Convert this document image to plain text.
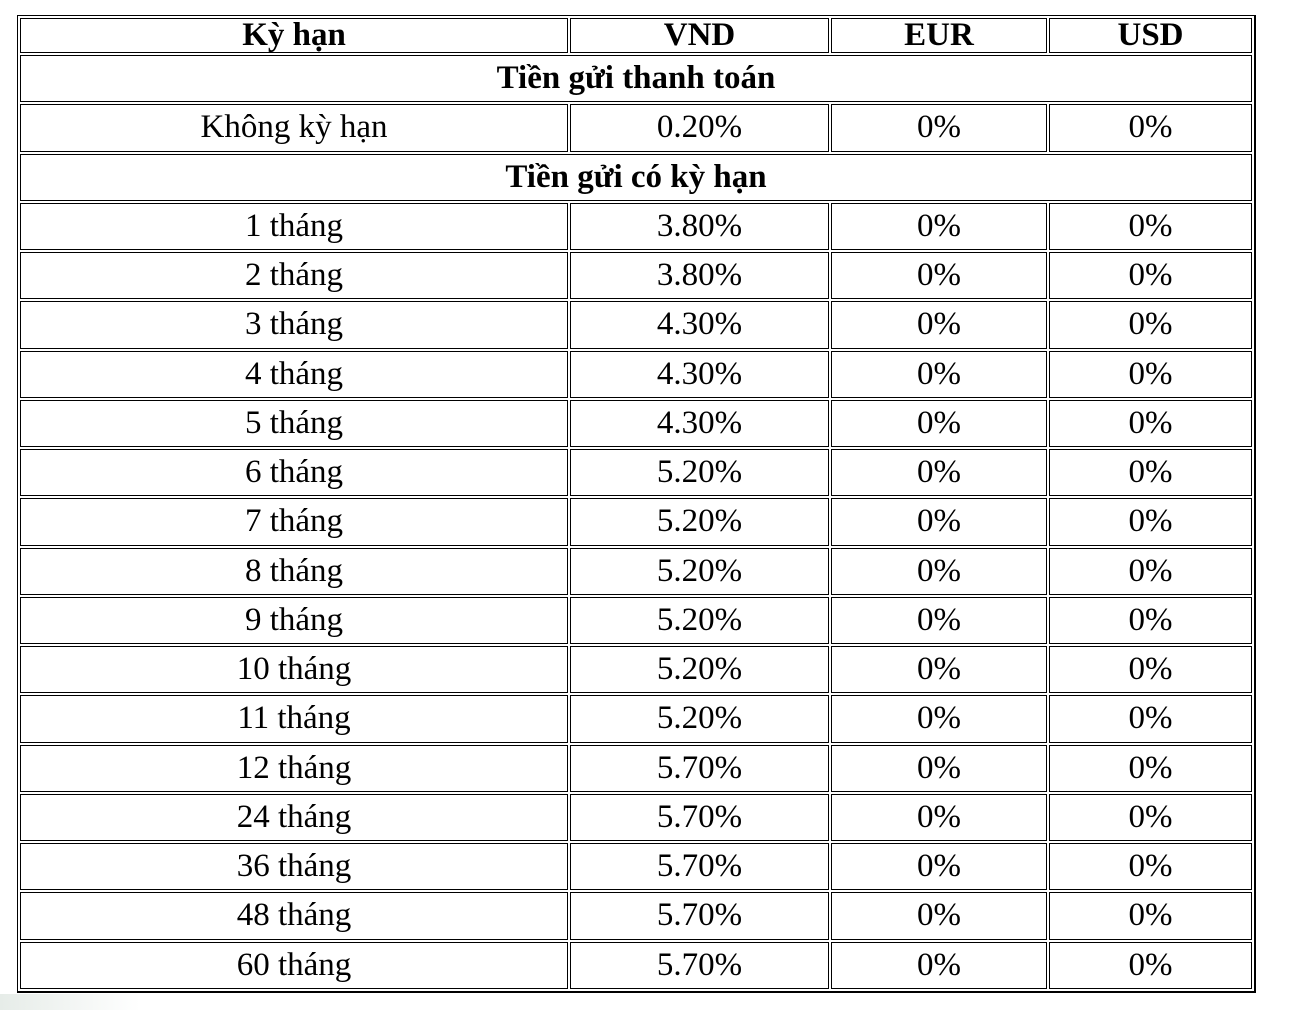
Kỳ hạn	VND	EUR	USD
Tiền gửi thanh toán			
Không kỳ hạn	0.20%	0%	0%
Tiền gửi có kỳ hạn			
1 tháng	3.80%	0%	0%
2 tháng	3.80%	0%	0%
3 tháng	4.30%	0%	0%
4 tháng	4.30%	0%	0%
5 tháng	4.30%	0%	0%
6 tháng	5.20%	0%	0%
7 tháng	5.20%	0%	0%
8 tháng	5.20%	0%	0%
9 tháng	5.20%	0%	0%
10 tháng	5.20%	0%	0%
11 tháng	5.20%	0%	0%
12 tháng	5.70%	0%	0%
24 tháng	5.70%	0%	0%
36 tháng	5.70%	0%	0%
48 tháng	5.70%	0%	0%
60 tháng	5.70%	0%	0%
